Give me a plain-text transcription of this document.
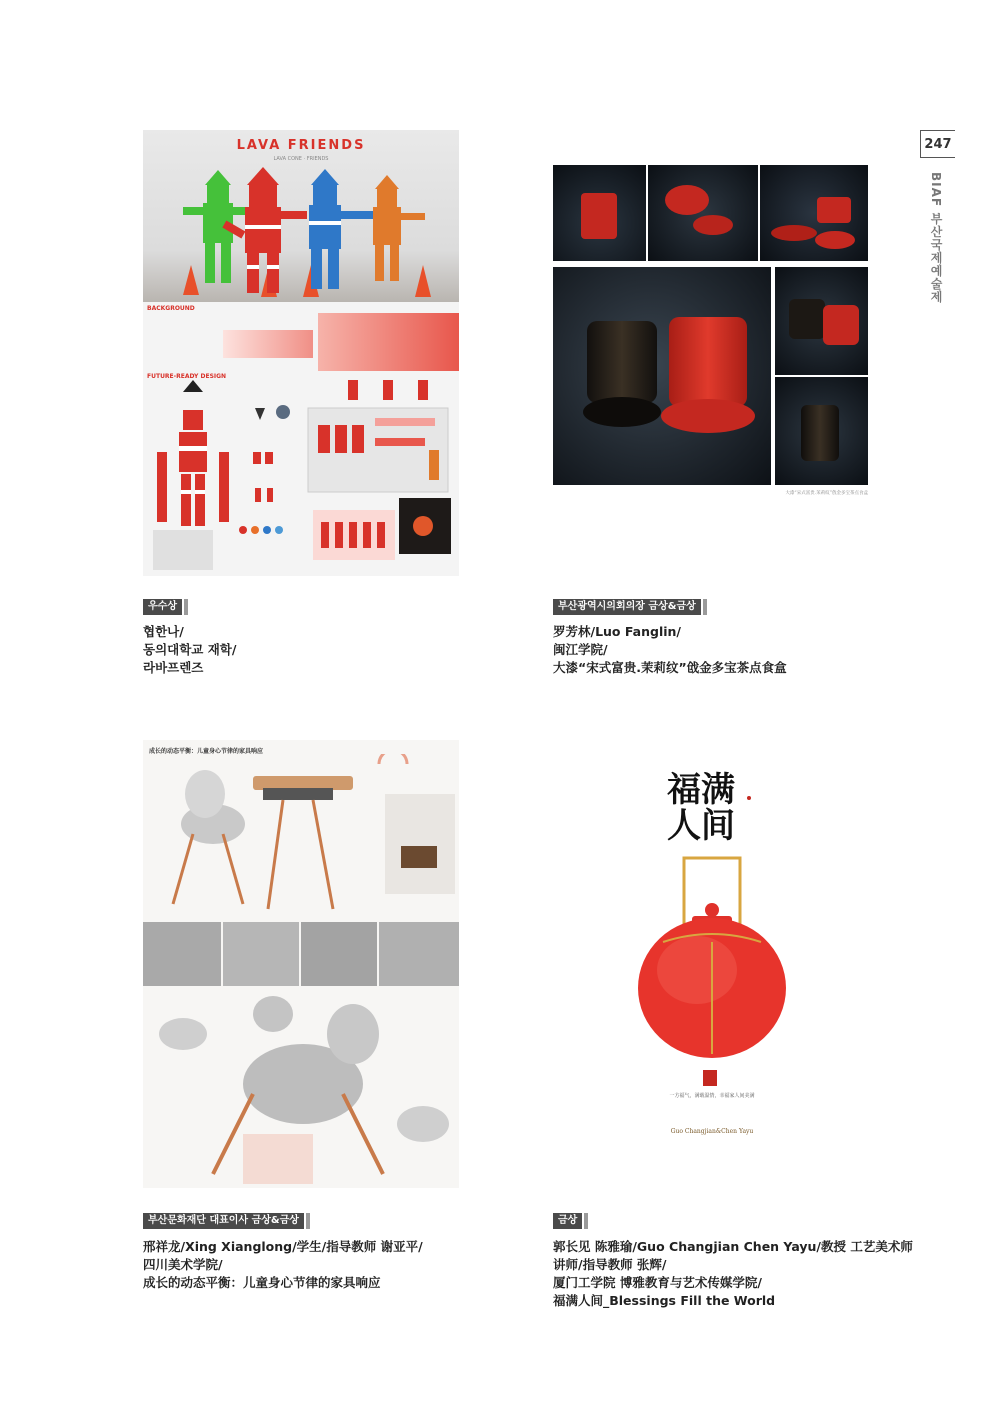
247
BIAF 부산국제예술제
LAVA FRIENDS
LAVA CONE · FRIENDS
BACKGROUND
FUTURE-READY DESIGN
우수상
협한나/
동의대학교 재학/
라바프렌즈
大漆“宋式富贵.茉莉纹”戗金多宝茶点食盒
부산광역시의회의장 금상&금상
罗芳林/Luo Fanglin/
闽江学院/
大漆“宋式富贵.茉莉纹”戗金多宝茶点食盒
成长的动态平衡：儿童身心节律的家具响应
부산문화재단 대표이사 금상&금상
邢祥龙/Xing Xianglong/学生/指导教师 谢亚平/
四川美术学院/
成长的动态平衡：儿童身心节律的家具响应
福满人间
一方福气，满载温情，幸福家人间美满
Guo Changjian&Chen Yayu
금상
郭长见 陈雅瑜/Guo Changjian Chen Yayu/教授 工艺美术师
讲师/指导教师 张辉/
厦门工学院 博雅教育与艺术传媒学院/
福满人间_Blessings Fill the World
